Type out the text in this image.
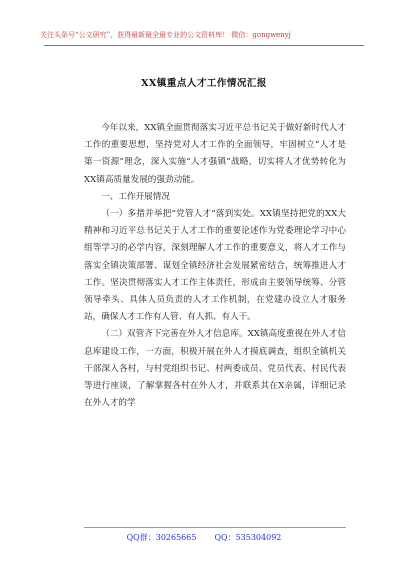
关注头条号“公文研究”，获得最新最全最专业的公文资料库！ 微信：gongwenyj
XX镇重点人才工作情况汇报

今年以来，XX镇全面贯彻落实习近平总书记关于做好新时代人才工作的重要思想，坚持党对人才工作的全面领导，牢固树立“人才是第一资源”理念，深入实施“人才强镇”战略，切实将人才优势转化为XX镇高质量发展的强劲动能。

一、工作开展情况

（一）多措并举把“党管人才”落到实处。XX镇坚持把党的XX大精神和习近平总书记关于人才工作的重要论述作为党委理论学习中心组等学习的必学内容，深刻理解人才工作的重要意义，将人才工作与落实全镇决策部署、谋划全镇经济社会发展紧密结合，统筹推进人才工作。坚决贯彻落实人才工作主体责任，形成由主要领导统筹、分管领导牵头、具体人员负责的人才工作机制，在党建办设立人才服务站，确保人才工作有人管、有人抓、有人干。

（二）双管齐下完善在外人才信息库。XX镇高度重视在外人才信息库建设工作，一方面，积极开展在外人才摸底调查，组织全镇机关干部深入各村，与村党组织书记、村两委成员、党员代表、村民代表等进行座谈，了解掌握各村在外人才，并联系其在X亲属，详细记录在外人才的学

QQ群：30265665 QQ：535304092
